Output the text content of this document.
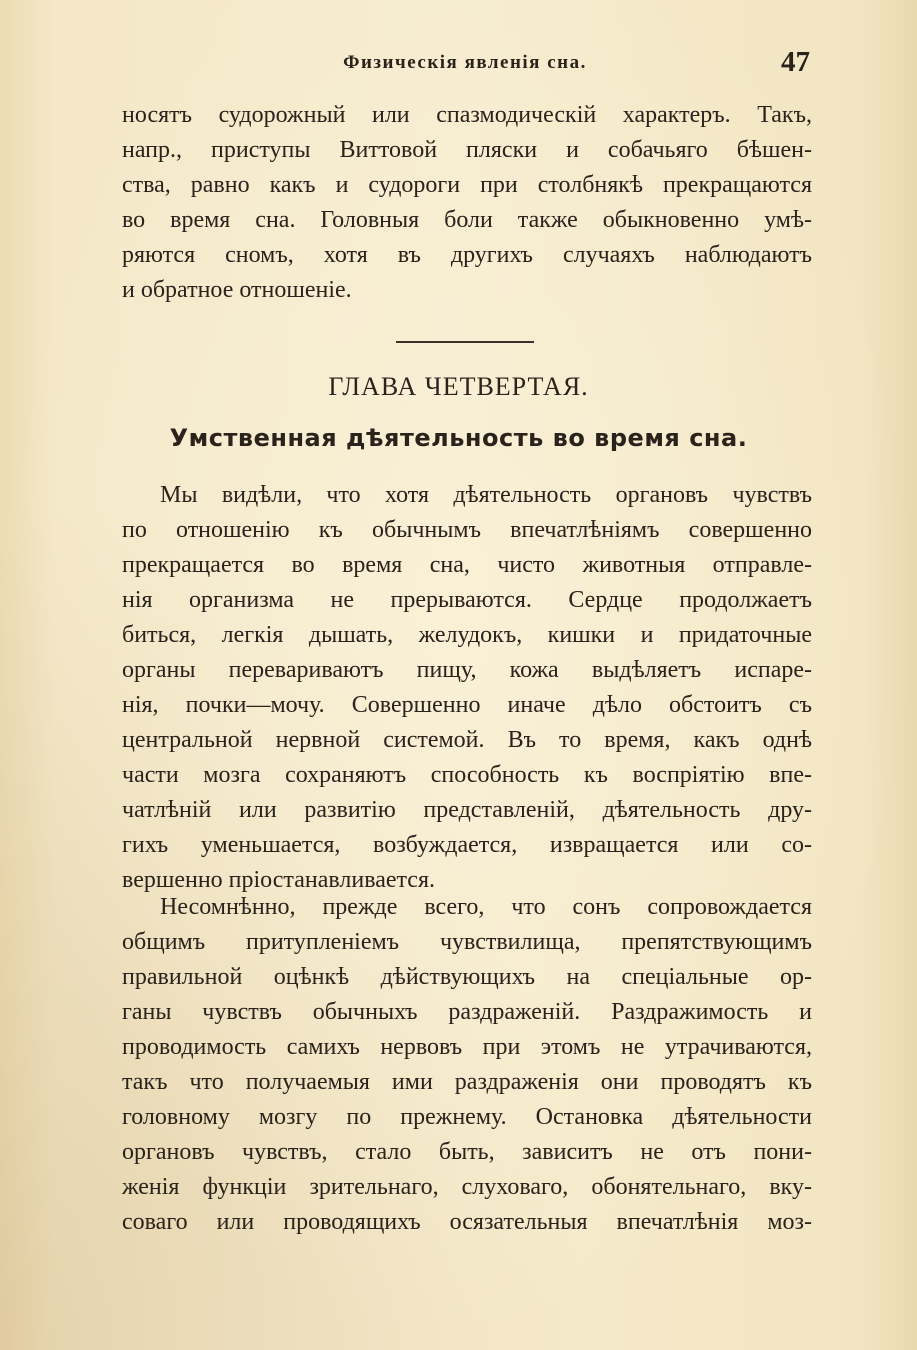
Физическія явленія сна.	47
носятъ судорожный или спазмодическій характеръ. Такъ,
напр., приступы Виттовой пляски и собачьяго бѣшен-
ства, равно какъ и судороги при столбнякѣ прекращаются
во время сна. Головныя боли также обыкновенно умѣ-
ряются сномъ, хотя въ другихъ случаяхъ наблюдаютъ
и обратное отношеніе.
ГЛАВА ЧЕТВЕРТАЯ.
Умственная дѣятельность во время сна.
Мы видѣли, что хотя дѣятельность органовъ чувствъ
по отношенію къ обычнымъ впечатлѣніямъ совершенно
прекращается во время сна, чисто животныя отправле-
нія организма не прерываются. Сердце продолжаетъ
биться, легкія дышать, желудокъ, кишки и придаточные
органы перевариваютъ пищу, кожа выдѣляетъ испаре-
нія, почки—мочу. Совершенно иначе дѣло обстоитъ съ
центральной нервной системой. Въ то время, какъ однѣ
части мозга сохраняютъ способность къ воспріятію впе-
чатлѣній или развитію представленій, дѣятельность дру-
гихъ уменьшается, возбуждается, извращается или со-
вершенно пріостанавливается.
Несомнѣнно, прежде всего, что сонъ сопровождается
общимъ притупленіемъ чувствилища, препятствующимъ
правильной оцѣнкѣ дѣйствующихъ на спеціальные ор-
ганы чувствъ обычныхъ раздраженій. Раздражимость и
проводимость самихъ нервовъ при этомъ не утрачиваются,
такъ что получаемыя ими раздраженія они проводятъ къ
головному мозгу по прежнему. Остановка дѣятельности
органовъ чувствъ, стало быть, зависитъ не отъ пони-
женія функціи зрительнаго, слуховаго, обонятельнаго, вку-
соваго или проводящихъ осязательныя впечатлѣнія моз-
